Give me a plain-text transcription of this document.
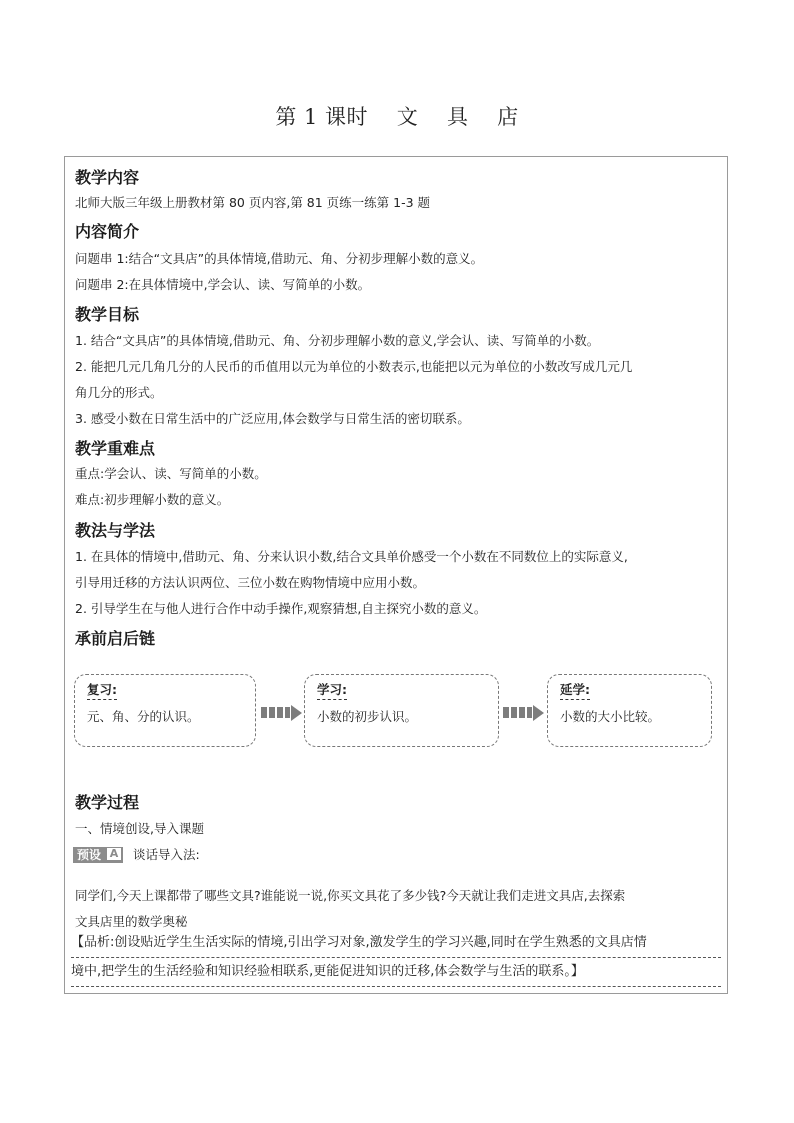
第 1 课时    文    具    店
教学内容
北师大版三年级上册教材第 80 页内容,第 81 页练一练第 1-3 题
内容简介
问题串 1:结合“文具店”的具体情境,借助元、角、分初步理解小数的意义。
问题串 2:在具体情境中,学会认、读、写简单的小数。
教学目标
1. 结合“文具店”的具体情境,借助元、角、分初步理解小数的意义,学会认、读、写简单的小数。
2. 能把几元几角几分的人民币的币值用以元为单位的小数表示,也能把以元为单位的小数改写成几元几
角几分的形式。
3. 感受小数在日常生活中的广泛应用,体会数学与日常生活的密切联系。
教学重难点
重点:学会认、读、写简单的小数。
难点:初步理解小数的意义。
教法与学法
1. 在具体的情境中,借助元、角、分来认识小数,结合文具单价感受一个小数在不同数位上的实际意义,
引导用迁移的方法认识两位、三位小数在购物情境中应用小数。
2. 引导学生在与他人进行合作中动手操作,观察猜想,自主探究小数的意义。
承前启后链
复习:
元、角、分的认识。
学习:
小数的初步认识。
延学:
小数的大小比较。
教学过程
一、情境创设,导入课题
预设 A 谈话导入法:
同学们,今天上课都带了哪些文具?谁能说一说,你买文具花了多少钱?今天就让我们走进文具店,去探索
文具店里的数学奥秘
【品析:创设贴近学生生活实际的情境,引出学习对象,激发学生的学习兴趣,同时在学生熟悉的文具店情
境中,把学生的生活经验和知识经验相联系,更能促进知识的迁移,体会数学与生活的联系。】
